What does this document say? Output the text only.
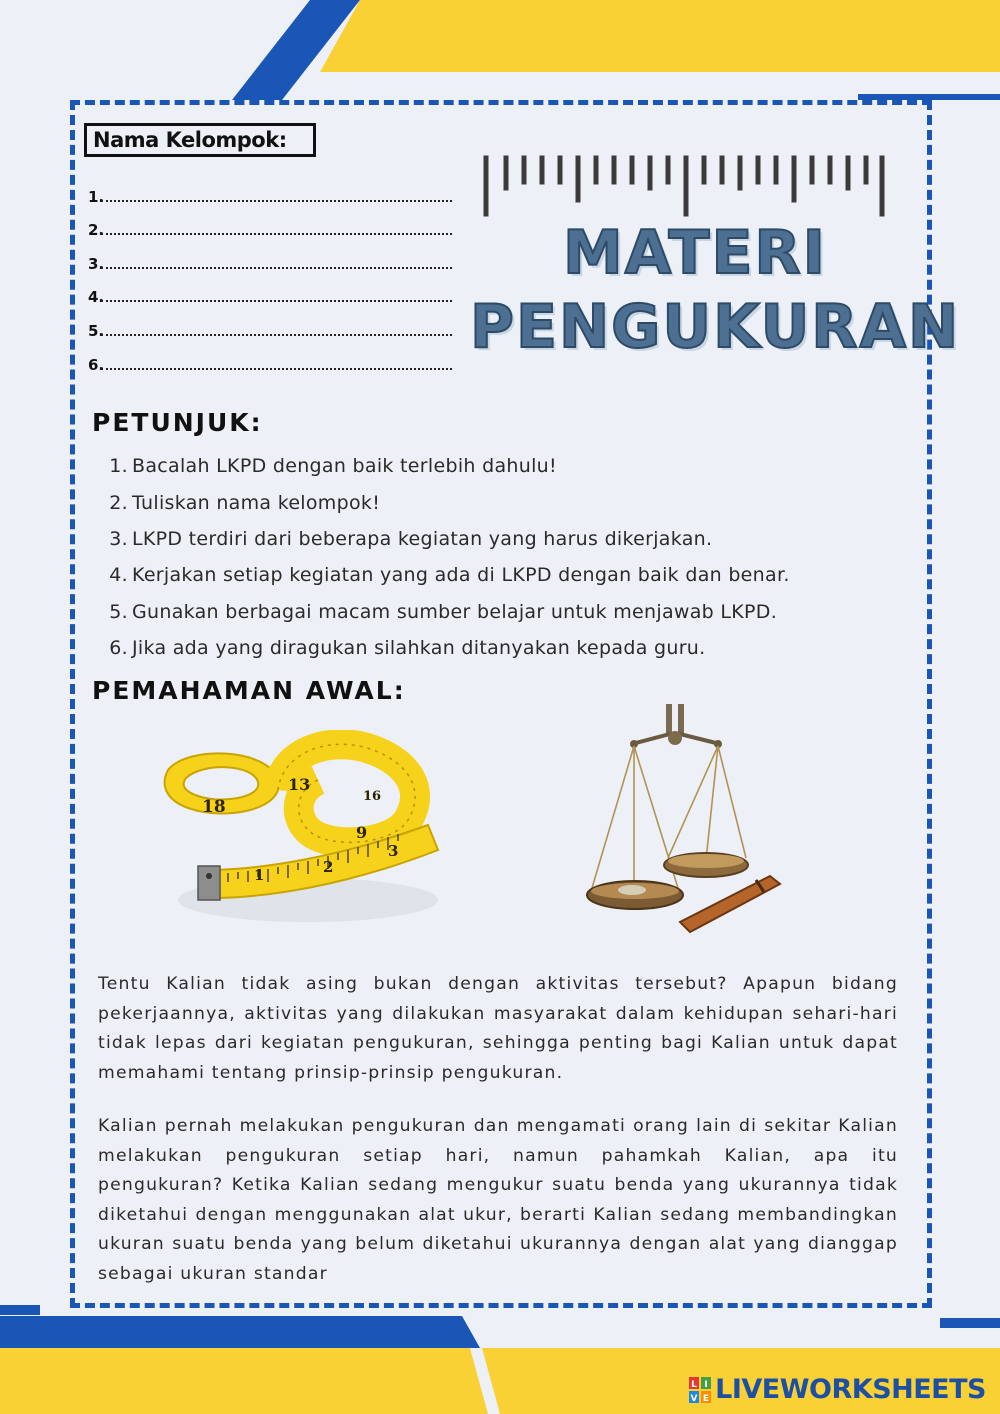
Nama Kelompok:
1.
2.
3.
4.
5.
6.
MATERI
PENGUKURAN
PETUNJUK:
1. Bacalah LKPD dengan baik terlebih dahulu!
2. Tuliskan nama kelompok!
3. LKPD terdiri dari beberapa kegiatan yang harus dikerjakan.
4. Kerjakan setiap kegiatan yang ada di LKPD dengan baik dan benar.
5. Gunakan berbagai macam sumber belajar untuk menjawab LKPD.
6. Jika ada yang diragukan silahkan ditanyakan kepada guru.
PEMAHAMAN AWAL:
18
13
9
1	2
3
16

Tentu Kalian tidak asing bukan dengan aktivitas tersebut? Apapun bidang pekerjaannya, aktivitas yang dilakukan masyarakat dalam kehidupan sehari-hari tidak lepas dari kegiatan pengukuran, sehingga penting bagi Kalian untuk dapat memahami tentang prinsip-prinsip pengukuran.

Kalian pernah melakukan pengukuran dan mengamati orang lain di sekitar Kalian melakukan pengukuran setiap hari, namun pahamkah Kalian, apa itu pengukuran? Ketika Kalian sedang mengukur suatu benda yang ukurannya tidak diketahui dengan menggunakan alat ukur, berarti Kalian sedang membandingkan ukuran suatu benda yang belum diketahui ukurannya dengan alat yang dianggap sebagai ukuran standar

L I
V E LIVEWORKSHEETS
